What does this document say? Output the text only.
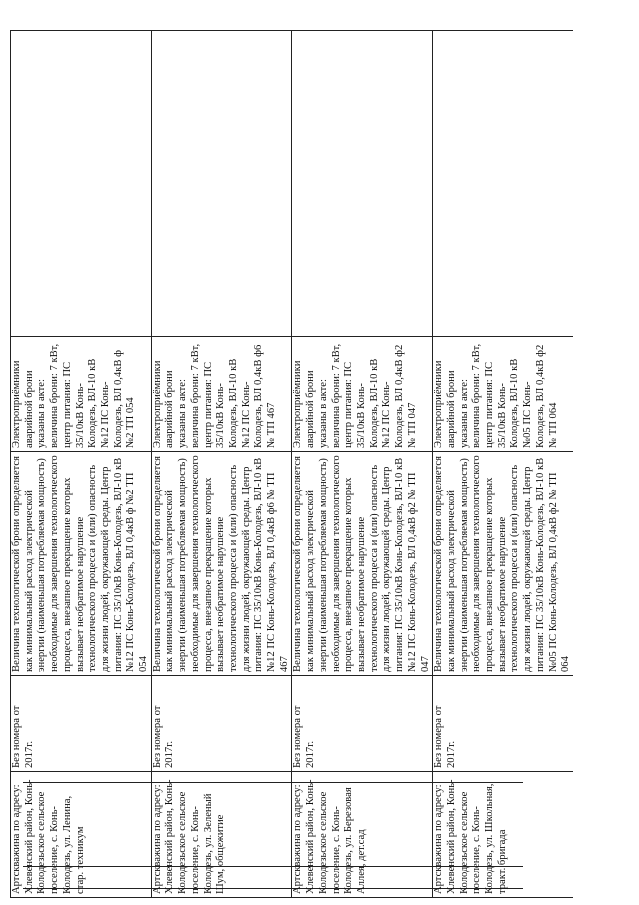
Артскважина по адресу: Хлевенский район, Конь-Колодезьское сельское поселение, с. Конь-Колодезь, ул. Ленина, стар. техникум	Без номера от 2017г.	Величина технологической брони определяется как минимальный расход электрической энергии (наименьшая потребляемая мощность) необходимые для завершения технологического процесса, внезапное прекращение которых вызывает необратимое нарушение технологического процесса и (или) опасность для жизни людей, окружающей среды. Центр питания: ПС 35/10кВ Конь-Колодезь, ВЛ-10 кВ №12 ПС Конь-Колодезь, ВЛ 0,4кВ ф №2 ТП 054	Электроприёмники аварийной брони указаны в акте: величина брони: 7 кВт, центр питания: ПС 35/10кВ Конь-Колодезь, ВЛ-10 кВ №12 ПС Конь-Колодезь, ВЛ 0,4кВ ф №2 ТП 054	
Артскважина по адресу: Хлевенский район, Конь-Колодезьское сельское поселение, с. Конь-Колодезь, ул. Зеленый Шум, общежитие	Без номера от 2017г.	Величина технологической брони определяется как минимальный расход электрической энергии (наименьшая потребляемая мощность) необходимые для завершения технологического процесса, внезапное прекращение которых вызывает необратимое нарушение технологического процесса и (или) опасность для жизни людей, окружающей среды. Центр питания: ПС 35/10кВ Конь-Колодезь, ВЛ-10 кВ №12 ПС Конь-Колодезь, ВЛ 0,4кВ ф6 № ТП 467	Электроприёмники аварийной брони указаны в акте: величина брони: 7 кВт, центр питания: ПС 35/10кВ Конь-Колодезь, ВЛ-10 кВ №12 ПС Конь-Колодезь, ВЛ 0,4кВ ф6 № ТП 467	
Артскважина по адресу: Хлевенский район, Конь-Колодезьское сельское поселение, с. Конь-Колодезь, ул. Березовая Аллея, дет.сад	Без номера от 2017г.	Величина технологической брони определяется как минимальный расход электрической энергии (наименьшая потребляемая мощность) необходимые для завершения технологического процесса, внезапное прекращение которых вызывает необратимое нарушение технологического процесса и (или) опасность для жизни людей, окружающей среды. Центр питания: ПС 35/10кВ Конь-Колодезь, ВЛ-10 кВ №12 ПС Конь-Колодезь, ВЛ 0,4кВ ф2 № ТП 047	Электроприёмники аварийной брони указаны в акте: величина брони: 7 кВт, центр питания: ПС 35/10кВ Конь-Колодезь, ВЛ-10 кВ №12 ПС Конь-Колодезь, ВЛ 0,4кВ ф2 № ТП 047	
Артскважина по адресу: Хлевенский район, Конь-Колодезьское сельское поселение, с. Конь-Колодезь, ул. Школьная, тракт. бригада	Без номера от 2017г.	Величина технологической брони определяется как минимальный расход электрической энергии (наименьшая потребляемая мощность) необходимые для завершения технологического процесса, внезапное прекращение которых вызывает необратимое нарушение технологического процесса и (или) опасность для жизни людей, окружающей среды. Центр питания: ПС 35/10кВ Конь-Колодезь, ВЛ-10 кВ №05 ПС Конь-Колодезь, ВЛ 0,4кВ ф2 № ТП 064	Электроприёмники аварийной брони указаны в акте: величина брони: 7 кВт, центр питания: ПС 35/10кВ Конь-Колодезь, ВЛ-10 кВ №05 ПС Конь-Колодезь, ВЛ 0,4кВ ф2 № ТП 064	
